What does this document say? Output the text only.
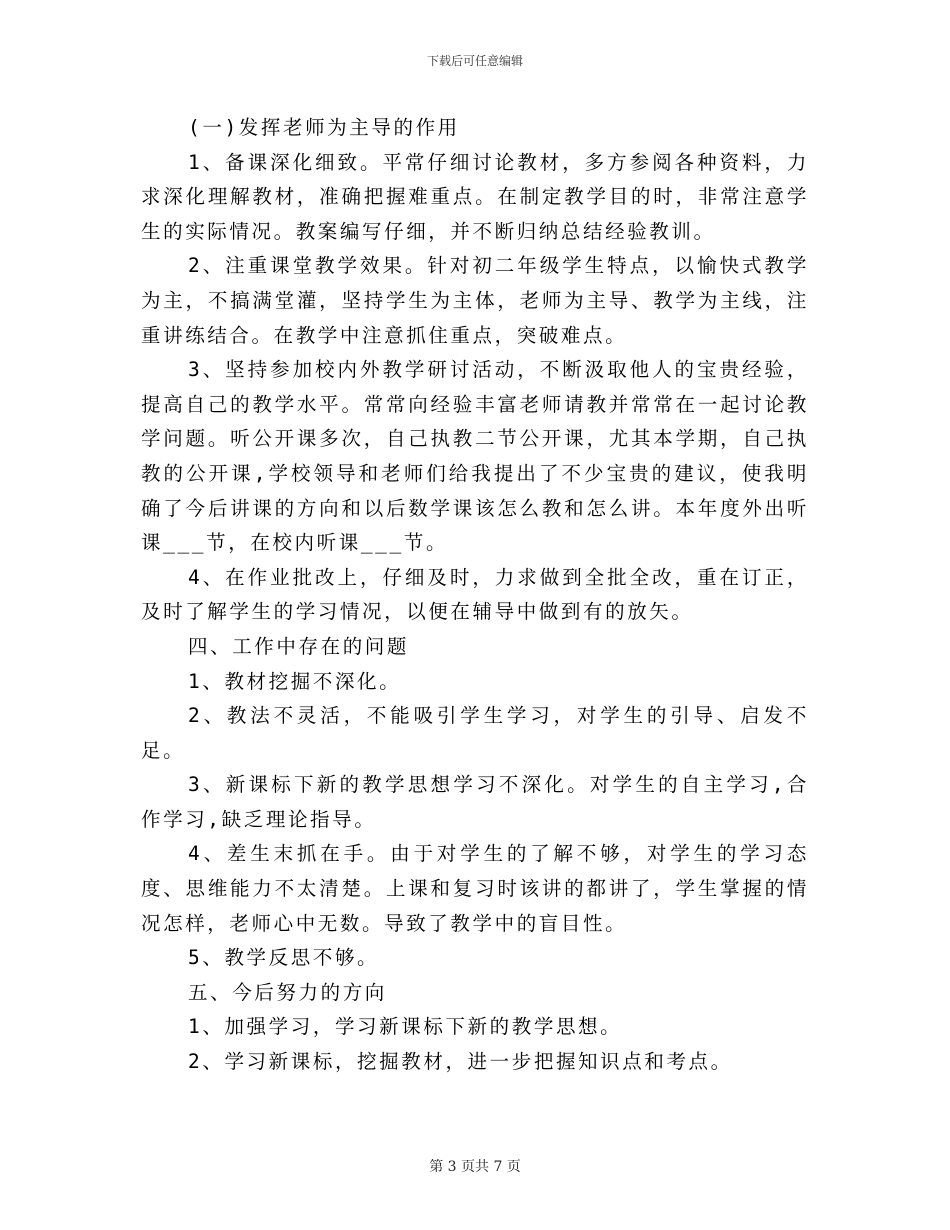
下载后可任意编辑

(一)发挥老师为主导的作用

1、备课深化细致。平常仔细讨论教材，多方参阅各种资料，力求深化理解教材，准确把握难重点。在制定教学目的时，非常注意学生的实际情况。教案编写仔细，并不断归纳总结经验教训。

2、注重课堂教学效果。针对初二年级学生特点，以愉快式教学为主，不搞满堂灌，坚持学生为主体，老师为主导、教学为主线，注重讲练结合。在教学中注意抓住重点，突破难点。

3、坚持参加校内外教学研讨活动，不断汲取他人的宝贵经验，提高自己的教学水平。常常向经验丰富老师请教并常常在一起讨论教学问题。听公开课多次，自己执教二节公开课，尤其本学期，自己执教的公开课,学校领导和老师们给我提出了不少宝贵的建议，使我明确了今后讲课的方向和以后数学课该怎么教和怎么讲。本年度外出听课___节，在校内听课___节。

4、在作业批改上，仔细及时，力求做到全批全改，重在订正，及时了解学生的学习情况，以便在辅导中做到有的放矢。

四、工作中存在的问题

1、教材挖掘不深化。

2、教法不灵活，不能吸引学生学习，对学生的引导、启发不足。

3、新课标下新的教学思想学习不深化。对学生的自主学习,合作学习,缺乏理论指导。

4、差生末抓在手。由于对学生的了解不够，对学生的学习态度、思维能力不太清楚。上课和复习时该讲的都讲了，学生掌握的情况怎样，老师心中无数。导致了教学中的盲目性。

5、教学反思不够。

五、今后努力的方向

1、加强学习，学习新课标下新的教学思想。

2、学习新课标，挖掘教材，进一步把握知识点和考点。

第 3 页共 7 页
